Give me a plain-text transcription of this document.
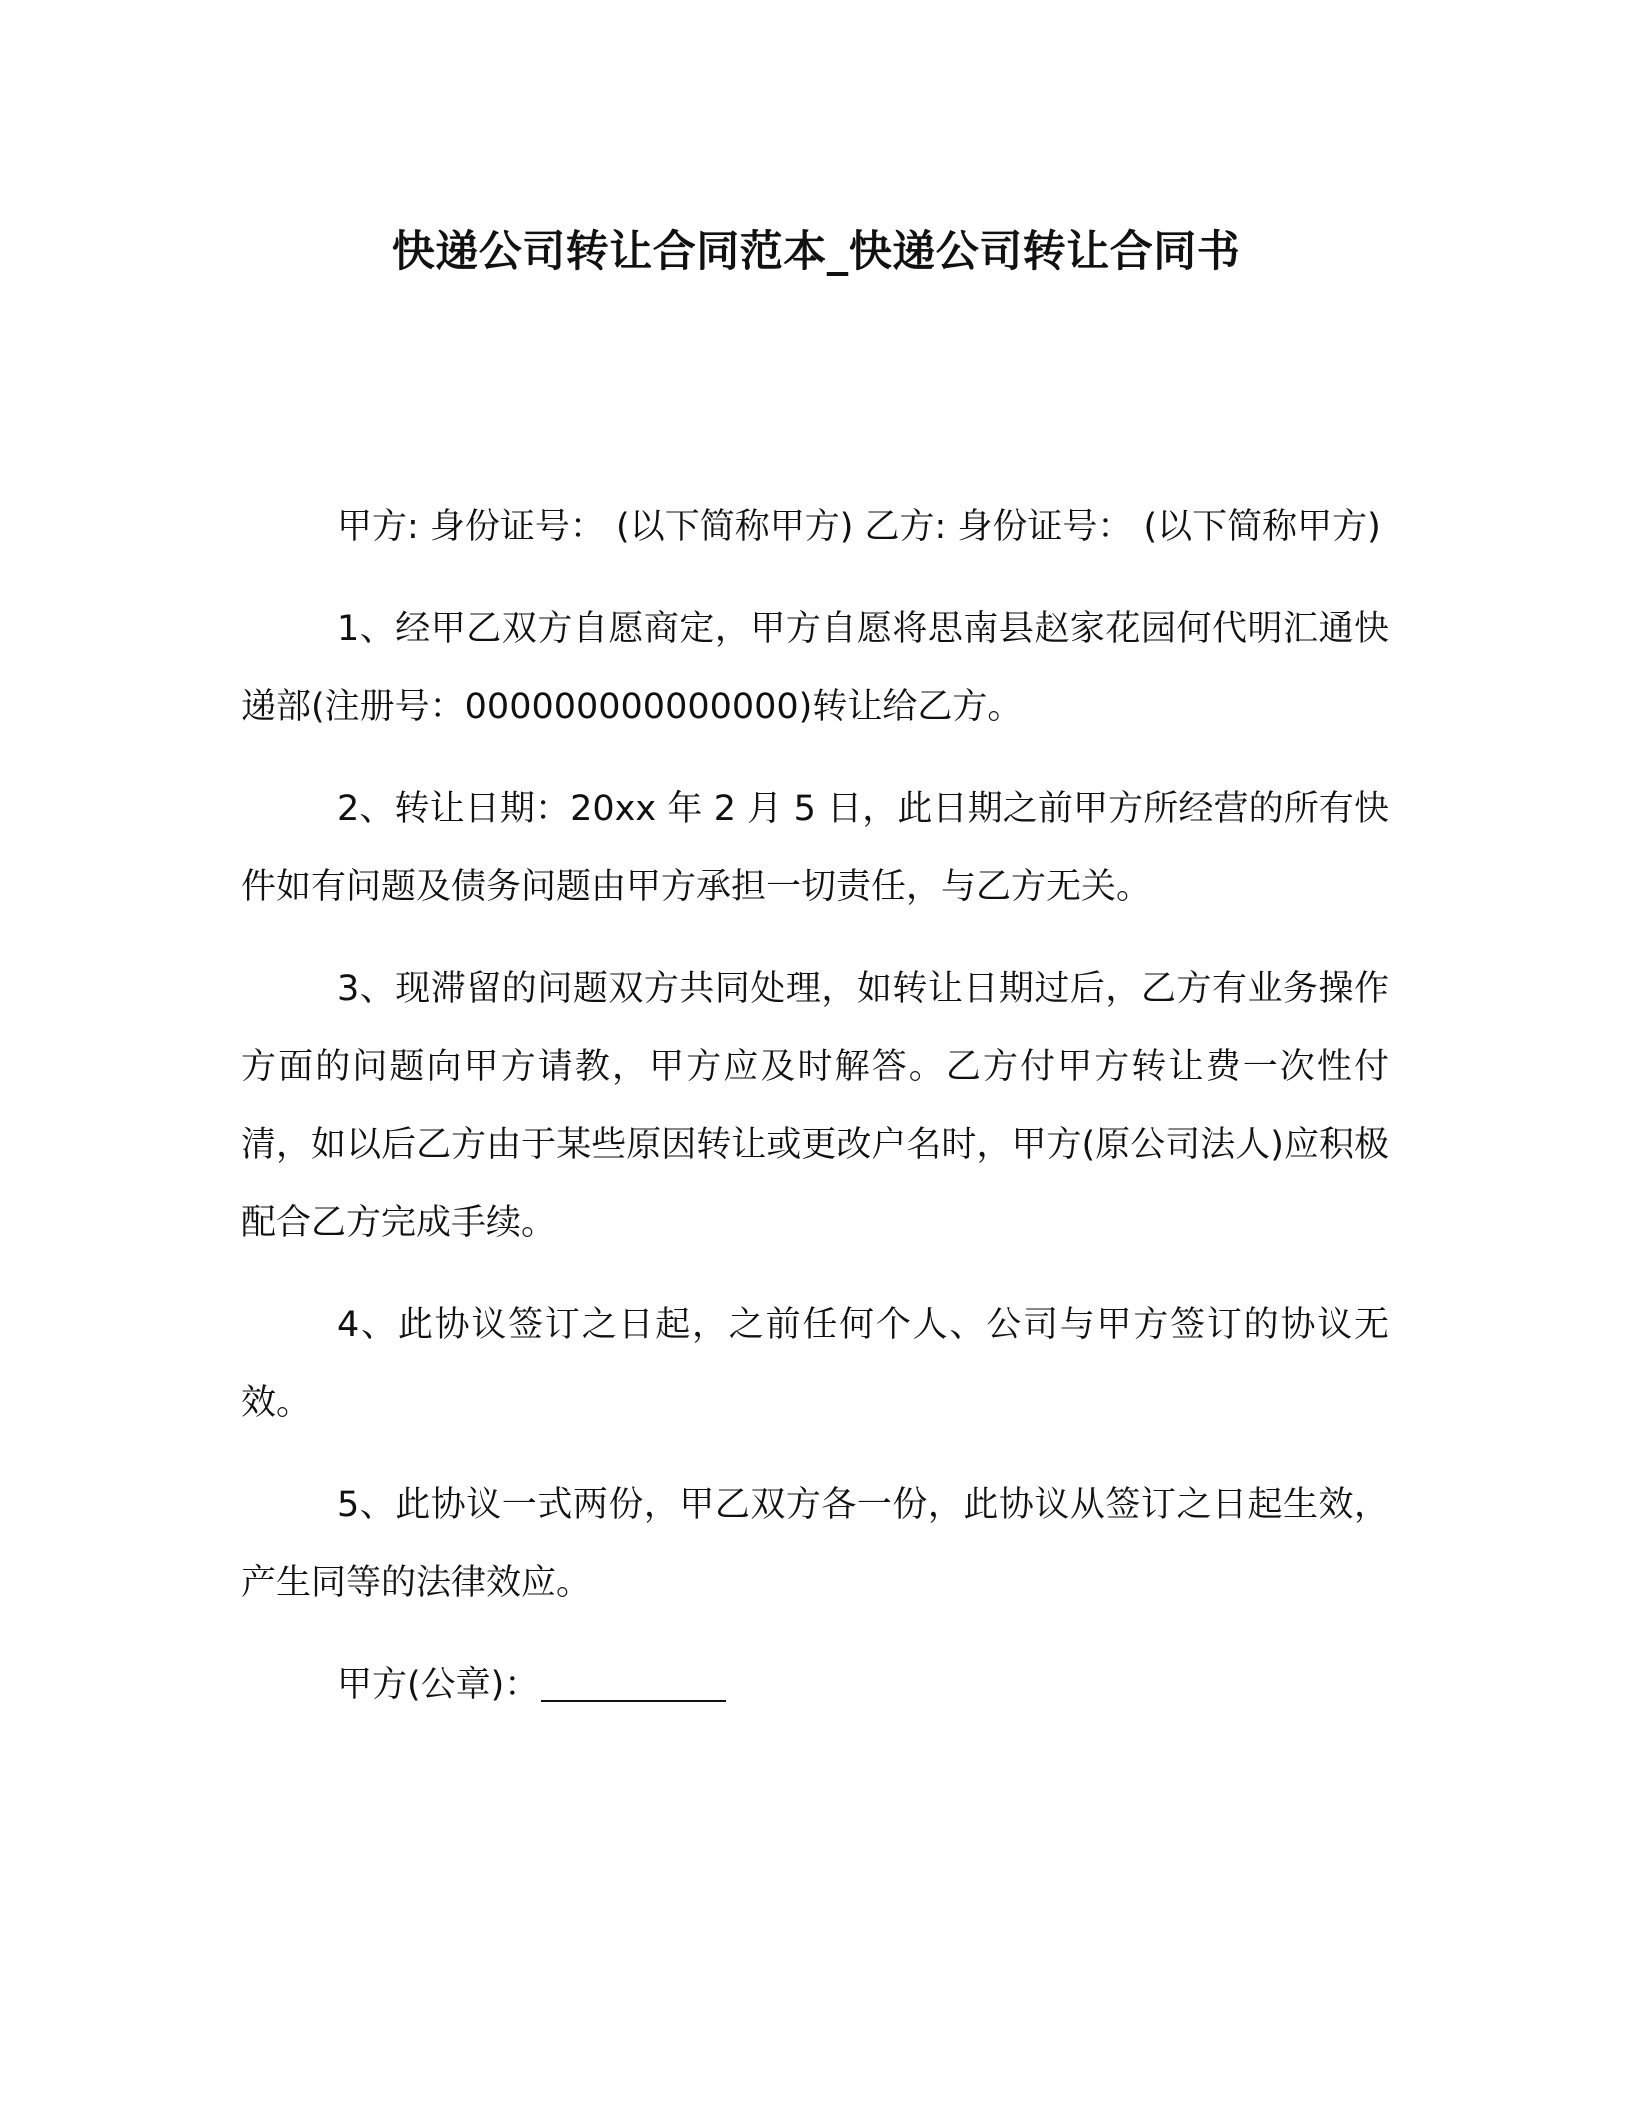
快递公司转让合同范本_快递公司转让合同书

甲方: 身份证号： (以下简称甲方) 乙方: 身份证号： (以下简称甲方)

1、经甲乙双方自愿商定，甲方自愿将思南县赵家花园何代明汇通快递部(注册号：000000000000000)转让给乙方。

2、转让日期：20xx 年 2 月 5 日，此日期之前甲方所经营的所有快件如有问题及债务问题由甲方承担一切责任，与乙方无关。

3、现滞留的问题双方共同处理，如转让日期过后，乙方有业务操作方面的问题向甲方请教，甲方应及时解答。乙方付甲方转让费一次性付清，如以后乙方由于某些原因转让或更改户名时，甲方(原公司法人)应积极配合乙方完成手续。

4、此协议签订之日起，之前任何个人、公司与甲方签订的协议无效。

5、此协议一式两份，甲乙双方各一份，此协议从签订之日起生效，产生同等的法律效应。

甲方(公章)：
